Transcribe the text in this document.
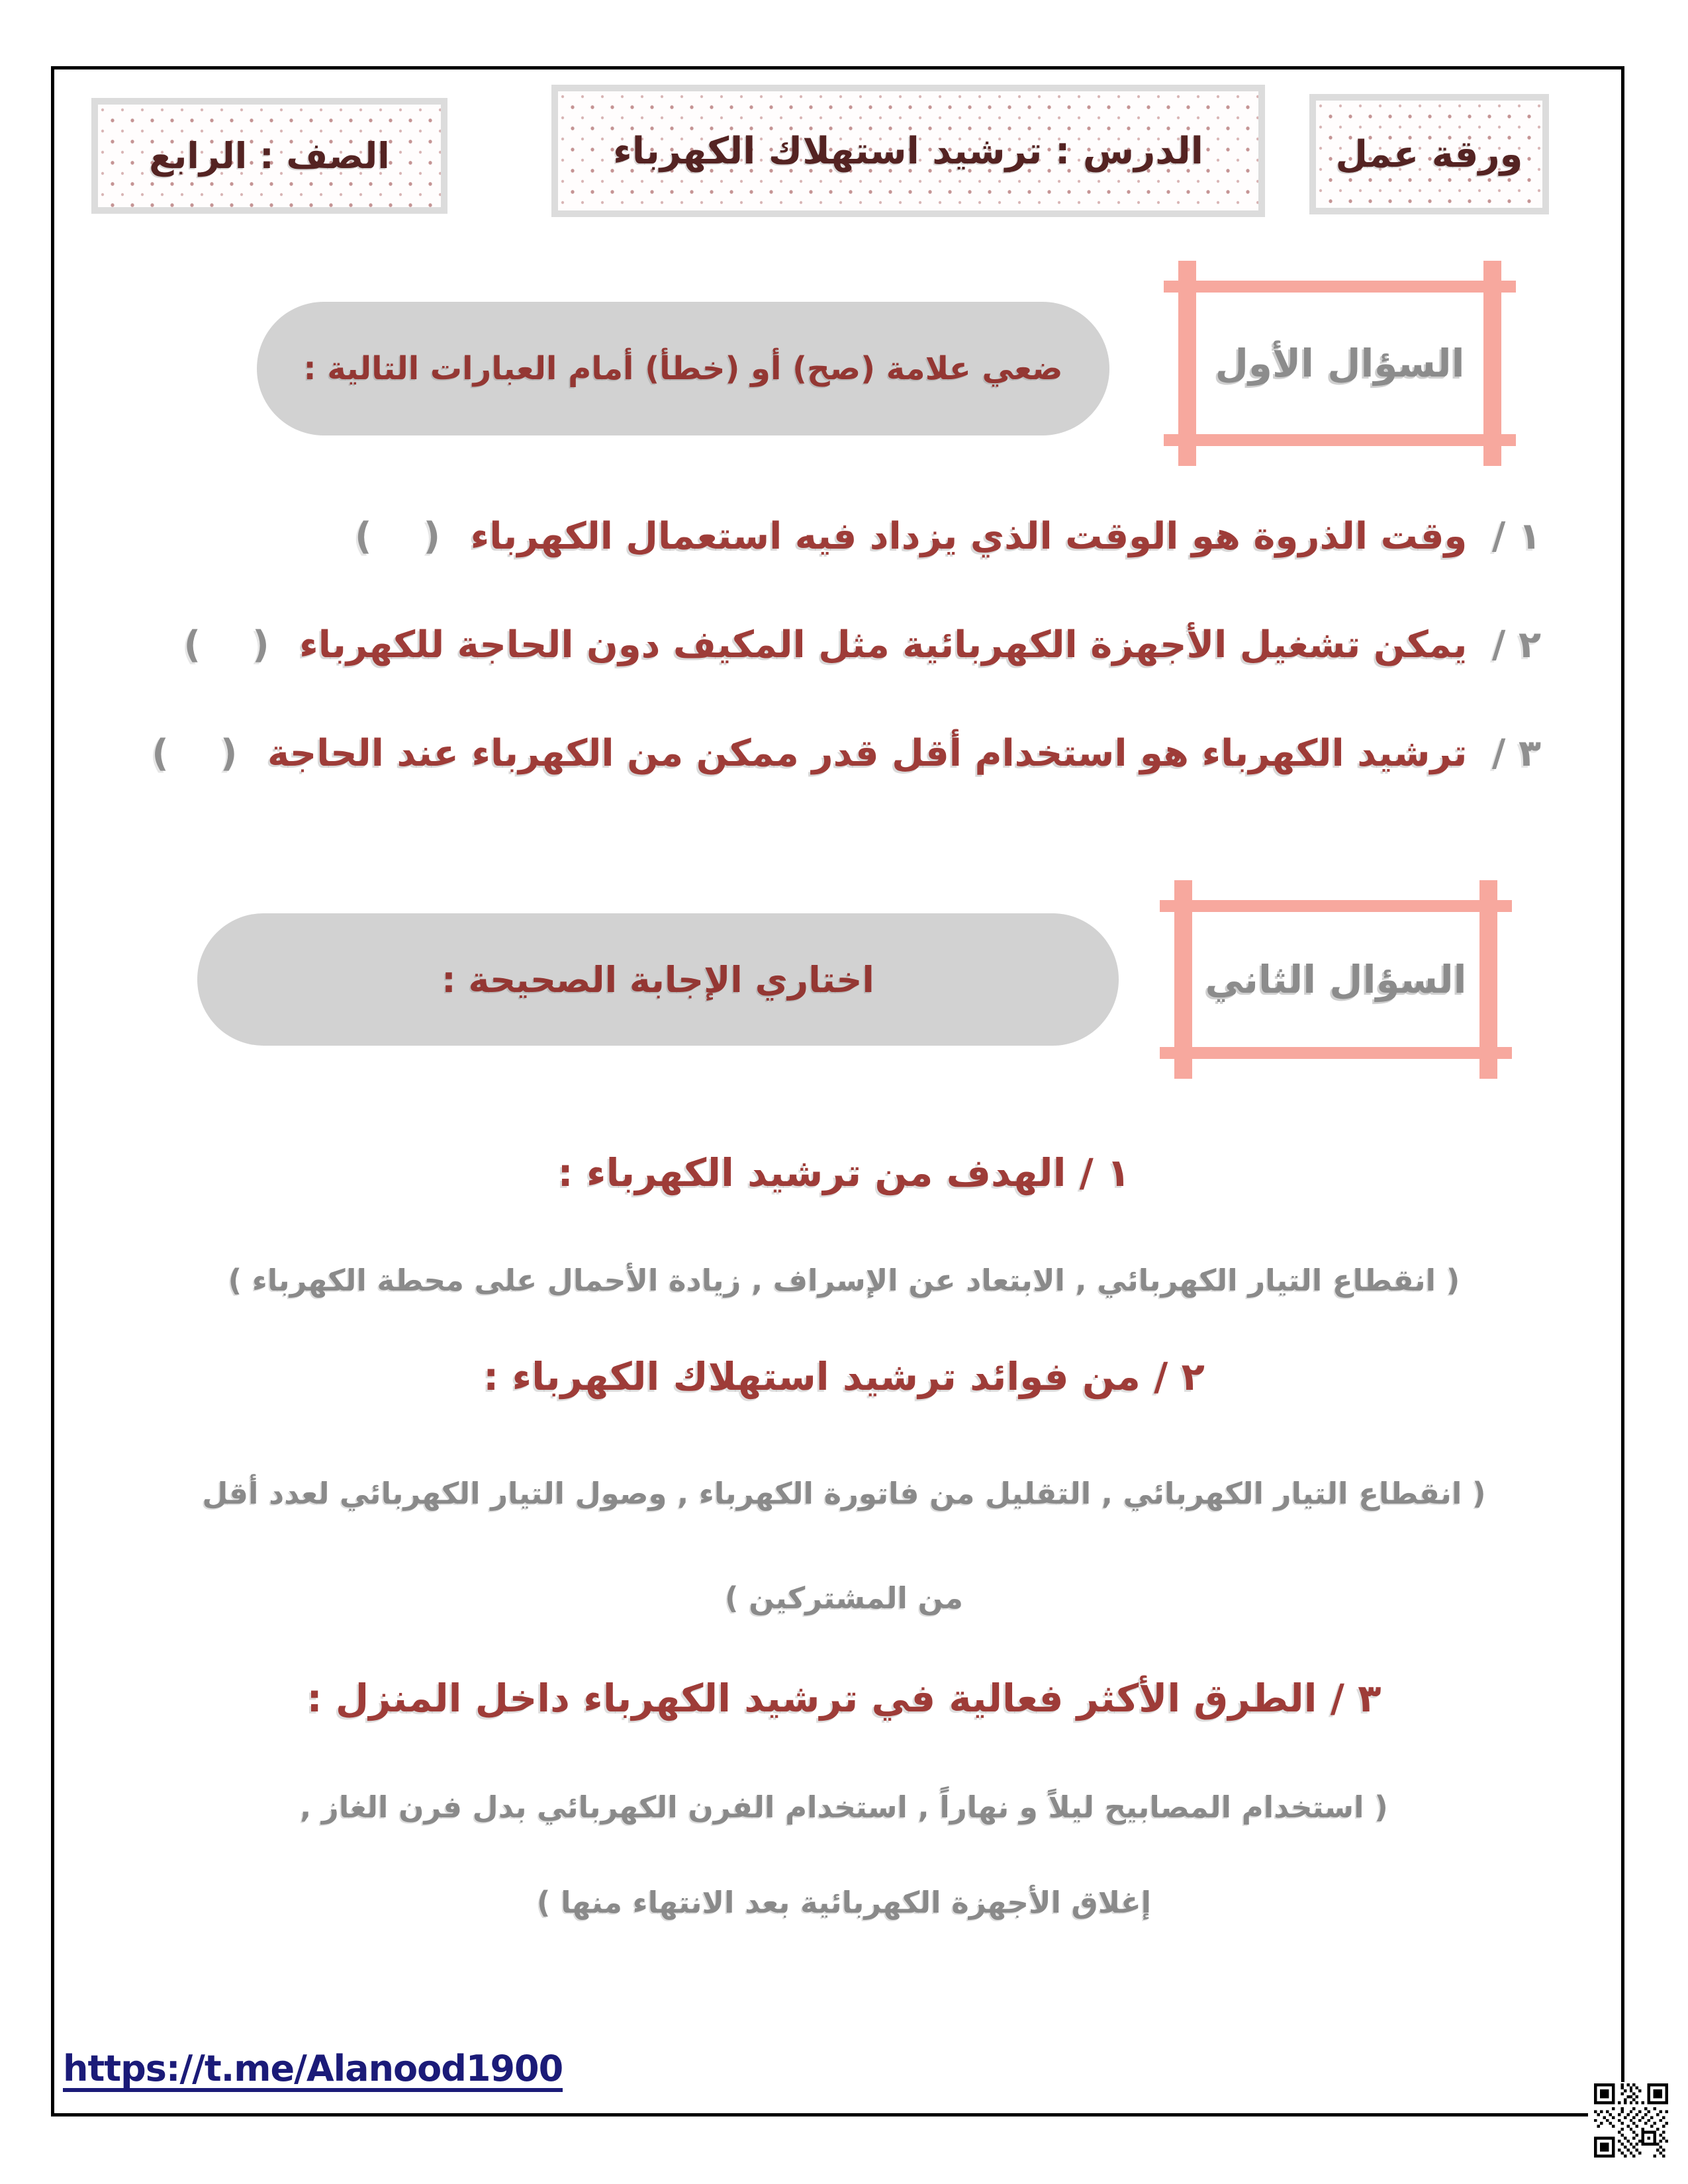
ورقة عمل
الدرس : ترشيد استهلاك الكهرباء
الصف : الرابع
السؤال الأول
ضعي علامة (صح) أو (خطأ) أمام العبارات التالية :
١ / وقت الذروة هو الوقت الذي يزداد فيه استعمال الكهرباء (    )
٢ / يمكن تشغيل الأجهزة الكهربائية مثل المكيف دون الحاجة للكهرباء (    )
٣ / ترشيد الكهرباء هو استخدام أقل قدر ممكن من الكهرباء عند الحاجة (    )
السؤال الثاني
اختاري الإجابة الصحيحة :
١ / الهدف من ترشيد الكهرباء :
( انقطاع التيار الكهربائي , الابتعاد عن الإسراف , زيادة الأحمال على محطة الكهرباء )
٢ / من فوائد ترشيد استهلاك الكهرباء :
( انقطاع التيار الكهربائي , التقليل من فاتورة الكهرباء , وصول التيار الكهربائي لعدد أقل
من المشتركين )
٣ / الطرق الأكثر فعالية في ترشيد الكهرباء داخل المنزل :
( استخدام المصابيح ليلاً و نهاراً , استخدام الفرن الكهربائي بدل فرن الغاز ,
إغلاق الأجهزة الكهربائية بعد الانتهاء منها )
https://t.me/Alanood1900
